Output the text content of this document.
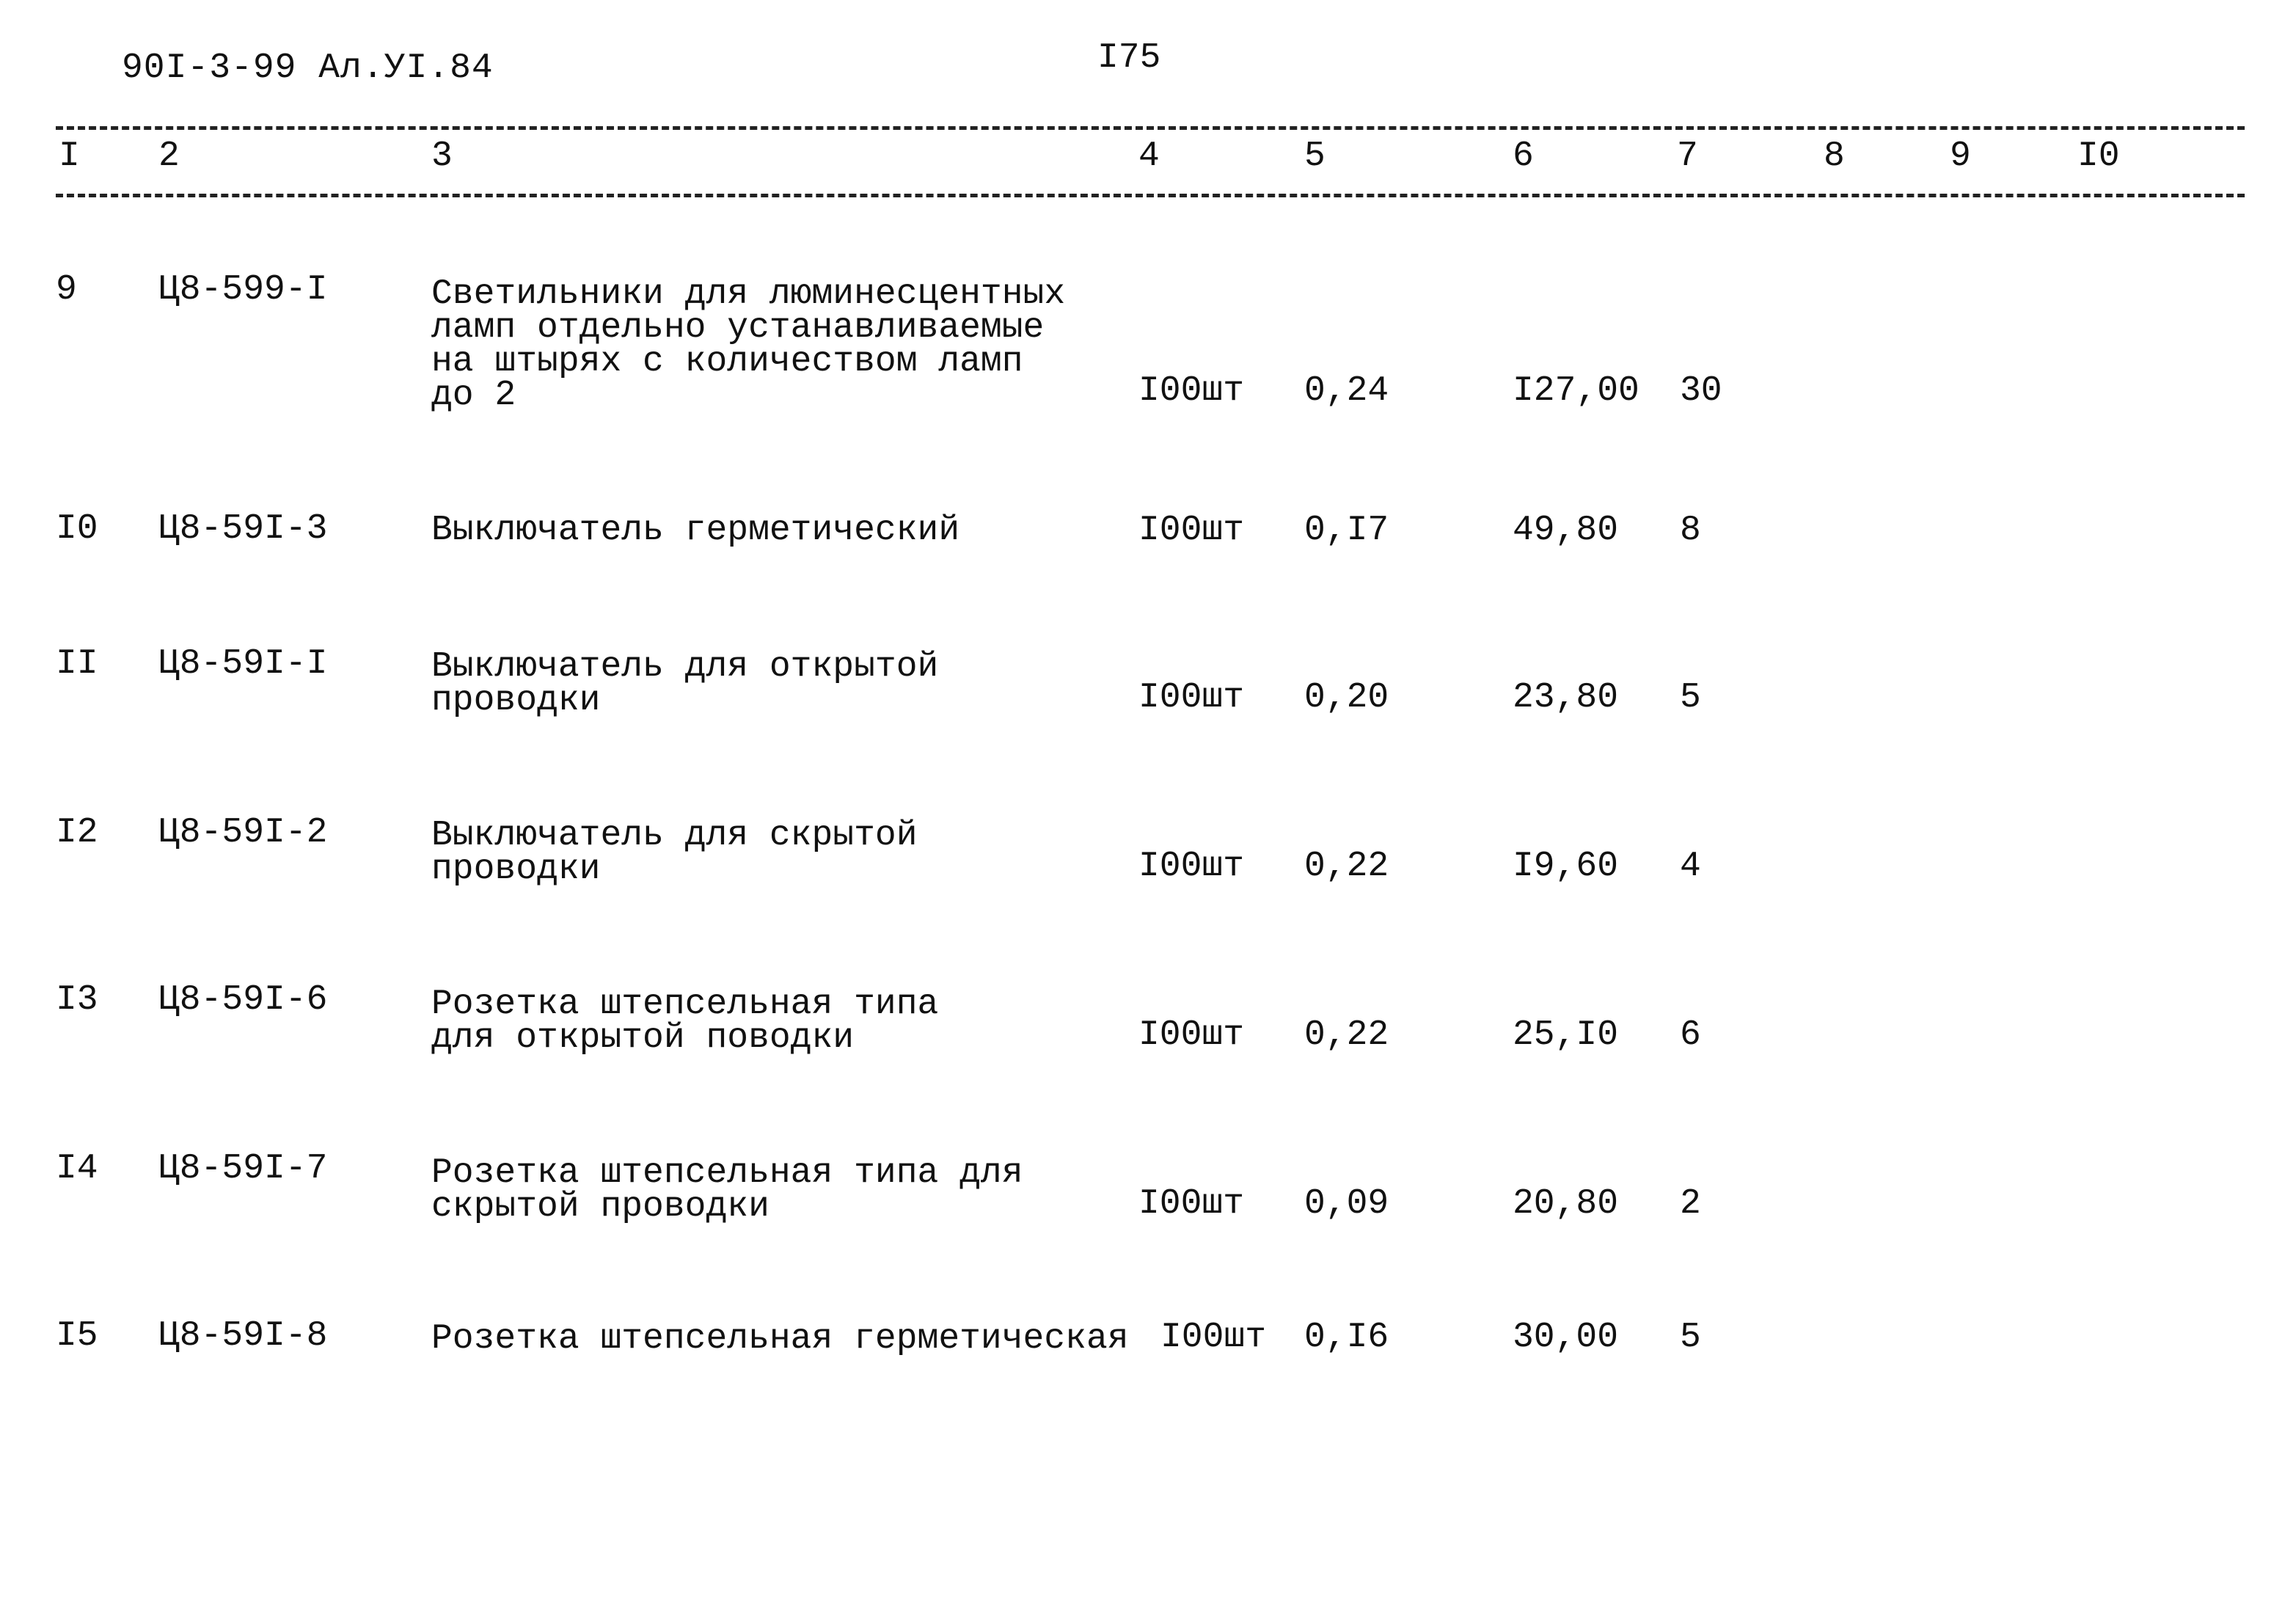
90I-3-99 Ал.УI.84	I75
I 2	3	4	5	6	7	8	9	I0
9 Ц8-599-I	Светильники для люминесцентных
ламп отдельно устанавливаемые
на штырях с количеством ламп
до 2	I00шт 0,24	I27,00 30
I0 Ц8-59I-3	Выключатель герметический	I00шт 0,I7	49,80 8
II Ц8-59I-I	Выключатель для открытой
проводки	I00шт 0,20	23,80 5
I2 Ц8-59I-2	Выключатель для скрытой
проводки	I00шт 0,22	I9,60 4
I3 Ц8-59I-6	Розетка штепсельная типа
для открытой поводки	I00шт 0,22	25,I0 6
I4 Ц8-59I-7	Розетка штепсельная типа для
скрытой проводки	I00шт 0,09	20,80 2
I5 Ц8-59I-8	Розетка штепсельная герметическая I00шт 0,I6	30,00 5
